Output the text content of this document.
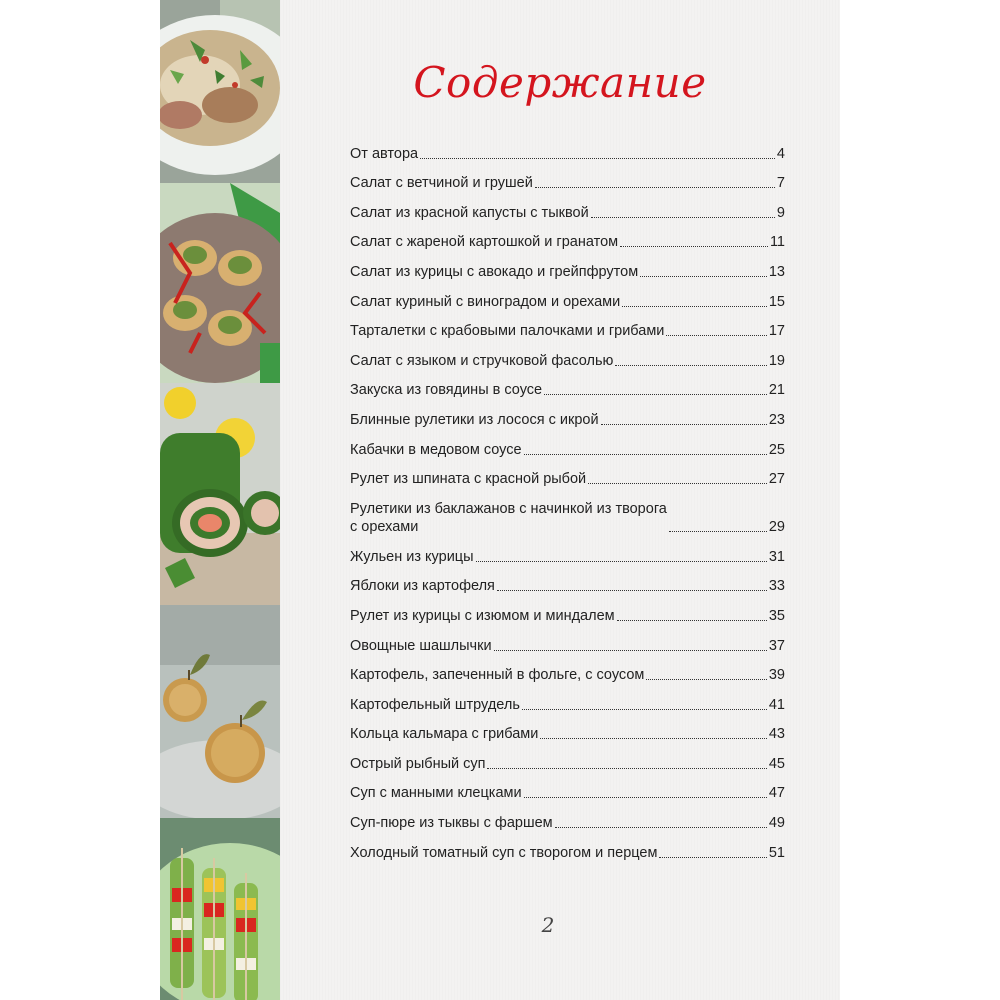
Содержание
От автора	4
Салат с ветчиной и грушей	7
Салат из красной капусты с тыквой	9
Салат с жареной картошкой и гранатом	11
Салат из курицы с авокадо и грейпфрутом	13
Салат куриный с виноградом и орехами	15
Тарталетки с крабовыми палочками и грибами	17
Салат с языком и стручковой фасолью	19
Закуска из говядины в соусе	21
Блинные рулетики из лосося с икрой	23
Кабачки в медовом соусе	25
Рулет из шпината с красной рыбой	27
Рулетики из баклажанов с начинкой из творога
с орехами	29
Жульен из курицы	31
Яблоки из картофеля	33
Рулет из курицы с изюмом и миндалем	35
Овощные шашлычки	37
Картофель, запеченный в фольге, с соусом	39
Картофельный штрудель	41
Кольца кальмара с грибами	43
Острый рыбный суп	45
Суп с манными клецками	47
Суп-пюре из тыквы с фаршем	49
Холодный томатный суп с творогом и перцем	51
2
